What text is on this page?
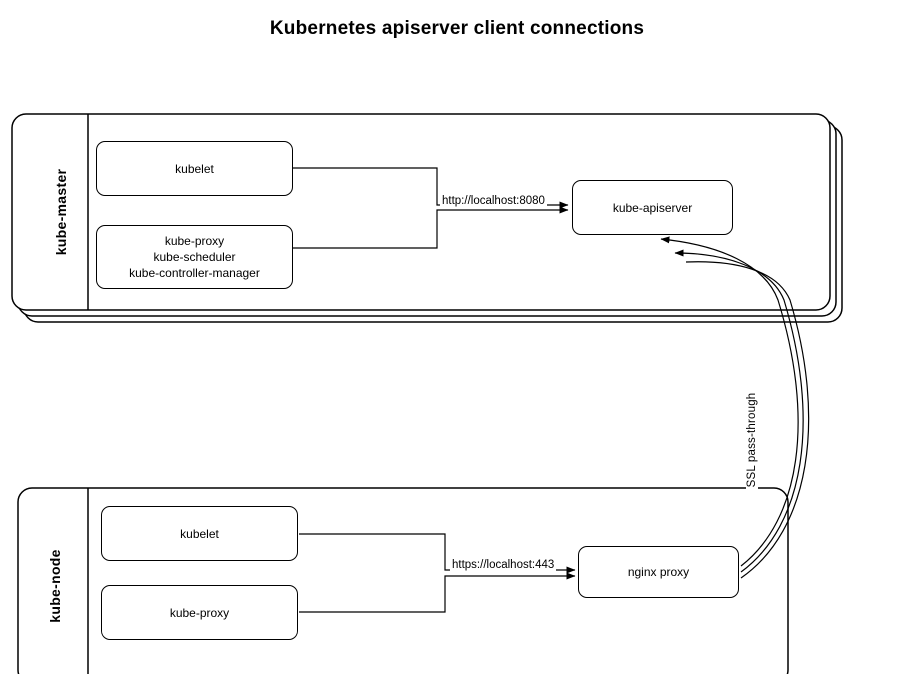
Kubernetes apiserver client connections
kube-master
kube-node
kubelet
kube-proxy
kube-scheduler
kube-controller-manager
kube-apiserver
kubelet
kube-proxy
nginx proxy
http://localhost:8080
https://localhost:443
SSL pass-through
